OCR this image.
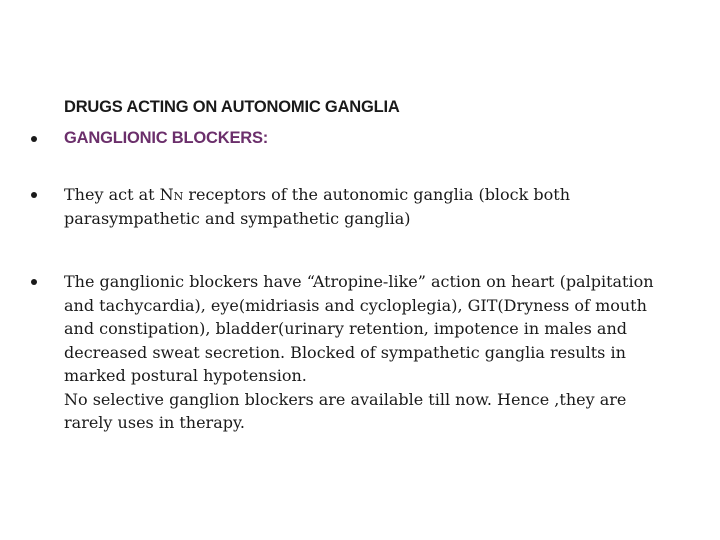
DRUGS ACTING ON AUTONOMIC GANGLIA
GANGLIONIC BLOCKERS:
They act at NN receptors of the autonomic ganglia (block both
parasympathetic and sympathetic ganglia)
The ganglionic blockers have “Atropine-like” action on heart (palpitation
and tachycardia), eye(midriasis and cycloplegia), GIT(Dryness of mouth
and constipation), bladder(urinary retention, impotence in males and
decreased sweat secretion. Blocked of sympathetic ganglia results in
marked postural hypotension.
No selective ganglion blockers are available till now. Hence ,they are
rarely uses in therapy.
